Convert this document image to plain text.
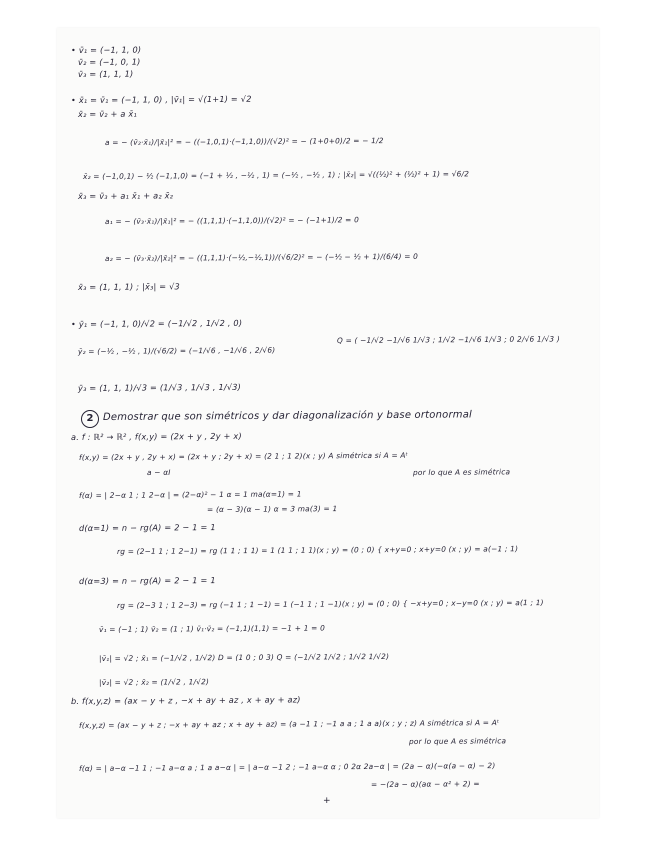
• v̄₁ = (−1, 1, 0)
v̄₂ = (−1, 0, 1)
v̄₃ = (1, 1, 1)
• x̄₁ = v̄₁ = (−1, 1, 0) , |v̄₁| = √(1+1) = √2
x̄₂ = v̄₂ + a x̄₁
a = − (v̄₂·x̄₁)/|x̄₁|² = − ((−1,0,1)·(−1,1,0))/(√2)² = − (1+0+0)/2 = − 1/2
x̄₂ = (−1,0,1) − ½ (−1,1,0) = (−1 + ½ , −½ , 1) = (−½ , −½ , 1) ; |x̄₂| = √((½)² + (½)² + 1) = √6/2
x̄₃ = v̄₃ + a₁ x̄₁ + a₂ x̄₂
a₁ = − (v̄₃·x̄₁)/|x̄₁|² = − ((1,1,1)·(−1,1,0))/(√2)² = − (−1+1)/2 = 0
a₂ = − (v̄₃·x̄₂)/|x̄₂|² = − ((1,1,1)·(−½,−½,1))/(√6/2)² = − (−½ − ½ + 1)/(6/4) = 0
x̄₃ = (1, 1, 1) ; |x̄₃| = √3
• ȳ₁ = (−1, 1, 0)/√2 = (−1/√2 , 1/√2 , 0)
ȳ₂ = (−½ , −½ , 1)/(√6/2) = (−1/√6 , −1/√6 , 2/√6)
Q = ( −1/√2 −1/√6 1/√3 ; 1/√2 −1/√6 1/√3 ; 0 2/√6 1/√3 )
ȳ₃ = (1, 1, 1)/√3 = (1/√3 , 1/√3 , 1/√3)
2 Demostrar que son simétricos y dar diagonalización y base ortonormal
a. f : ℝ² → ℝ² , f(x,y) = (2x + y , 2y + x)
f(x,y) = (2x + y , 2y + x) = (2x + y ; 2y + x) = (2 1 ; 1 2)(x ; y) A simétrica si A = Aᵗ
a − αI	por lo que A es simétrica
f(α) = | 2−α 1 ; 1 2−α | = (2−α)² − 1 α = 1 ma(α=1) = 1
= (α − 3)(α − 1) α = 3 ma(3) = 1
d(α=1) = n − rg(A) = 2 − 1 = 1
rg = (2−1 1 ; 1 2−1) = rg (1 1 ; 1 1) = 1 (1 1 ; 1 1)(x ; y) = (0 ; 0) { x+y=0 ; x+y=0 (x ; y) = a(−1 ; 1)
d(α=3) = n − rg(A) = 2 − 1 = 1
rg = (2−3 1 ; 1 2−3) = rg (−1 1 ; 1 −1) = 1 (−1 1 ; 1 −1)(x ; y) = (0 ; 0) { −x+y=0 ; x−y=0 (x ; y) = a(1 ; 1)
v̄₁ = (−1 ; 1) v̄₂ = (1 ; 1) v̄₁·v̄₂ = (−1,1)(1,1) = −1 + 1 = 0
|v̄₁| = √2 ; x̄₁ = (−1/√2 , 1/√2) D = (1 0 ; 0 3) Q = (−1/√2 1/√2 ; 1/√2 1/√2)
|v̄₂| = √2 ; x̄₂ = (1/√2 , 1/√2)
b. f(x,y,z) = (ax − y + z , −x + ay + az , x + ay + az)
f(x,y,z) = (ax − y + z ; −x + ay + az ; x + ay + az) = (a −1 1 ; −1 a a ; 1 a a)(x ; y ; z) A simétrica si A = Aᵗ
por lo que A es simétrica
f(α) = | a−α −1 1 ; −1 a−α a ; 1 a a−α | = | a−α −1 2 ; −1 a−α α ; 0 2α 2a−α | = (2a − α)(−α(a − α) − 2)
= −(2a − α)(aα − α² + 2) =
+
